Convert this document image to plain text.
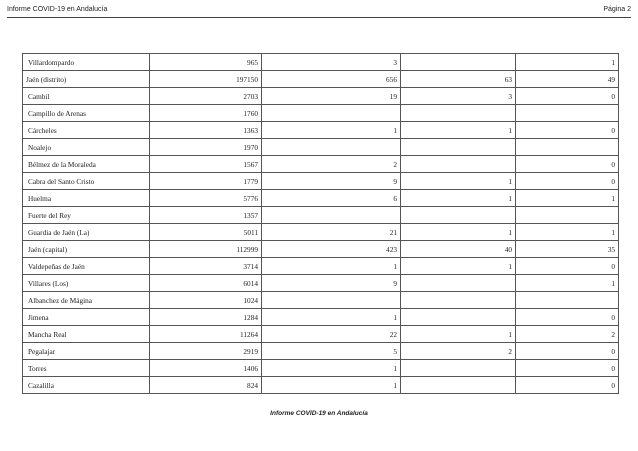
Informe COVID-19 en Andalucía	Página 2
Villardompardo	965	3		1
Jaén (distrito)	197150	656	63	49
Cambil	2703	19	3	0
Campillo de Arenas	1760			
Cárcheles	1363	1	1	0
Noalejo	1970			
Bélmez de la Moraleda	1567	2		0
Cabra del Santo Cristo	1779	9	1	0
Huelma	5776	6	1	1
Fuerte del Rey	1357			
Guardia de Jaén (La)	5011	21	1	1
Jaén (capital)	112999	423	40	35
Valdepeñas de Jaén	3714	1	1	0
Villares (Los)	6014	9		1
Albanchez de Mágina	1024			
Jimena	1284	1		0
Mancha Real	11264	22	1	2
Pegalajar	2919	5	2	0
Torres	1406	1		0
Cazalilla	824	1		0
Informe COVID-19 en Andalucía
